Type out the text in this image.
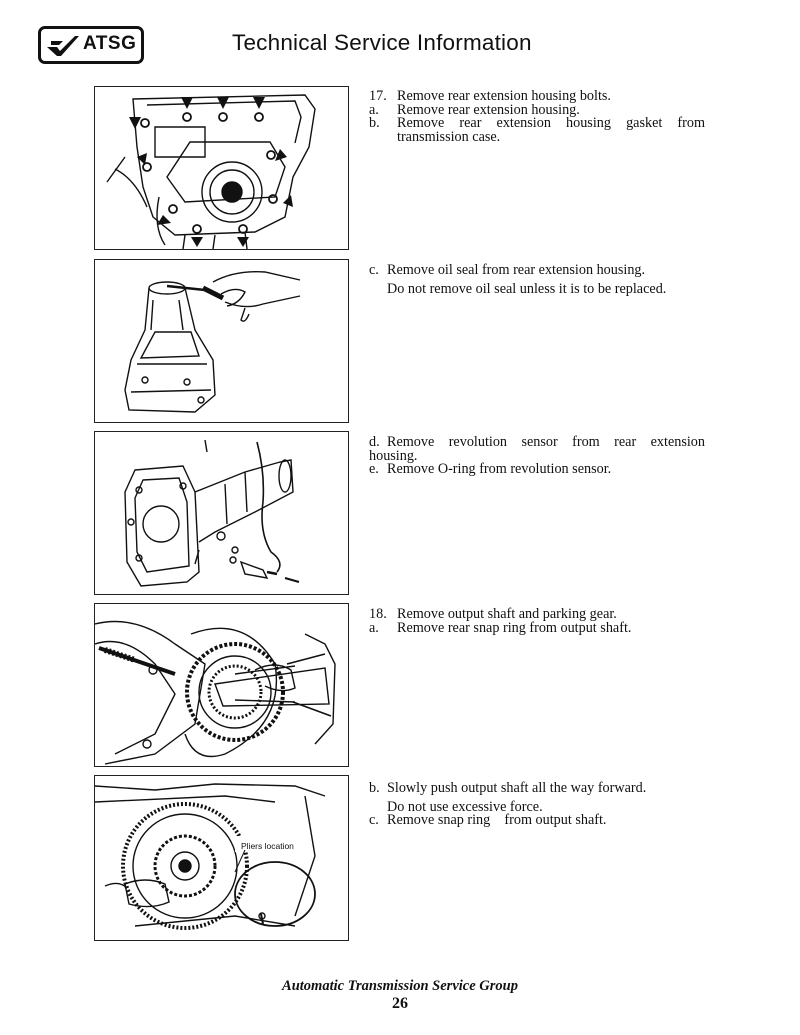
ATSG	Technical Service Information
17. Remove rear extension housing bolts.
a.	Remove rear extension housing.
b.	Remove rear extension housing gasket from
transmission case.
c. Remove oil seal from rear extension housing.
Do not remove oil seal unless it is to be replaced.
d. Remove revolution sensor from rear extension
housing.
e. Remove O-ring from revolution sensor.
18. Remove output shaft and parking gear.
a.	Remove rear snap ring from output shaft.
Pliers location
b. Slowly push output shaft all the way forward.
Do not use excessive force.
c. Remove snap ring    from output shaft.
Automatic Transmission Service Group
26
